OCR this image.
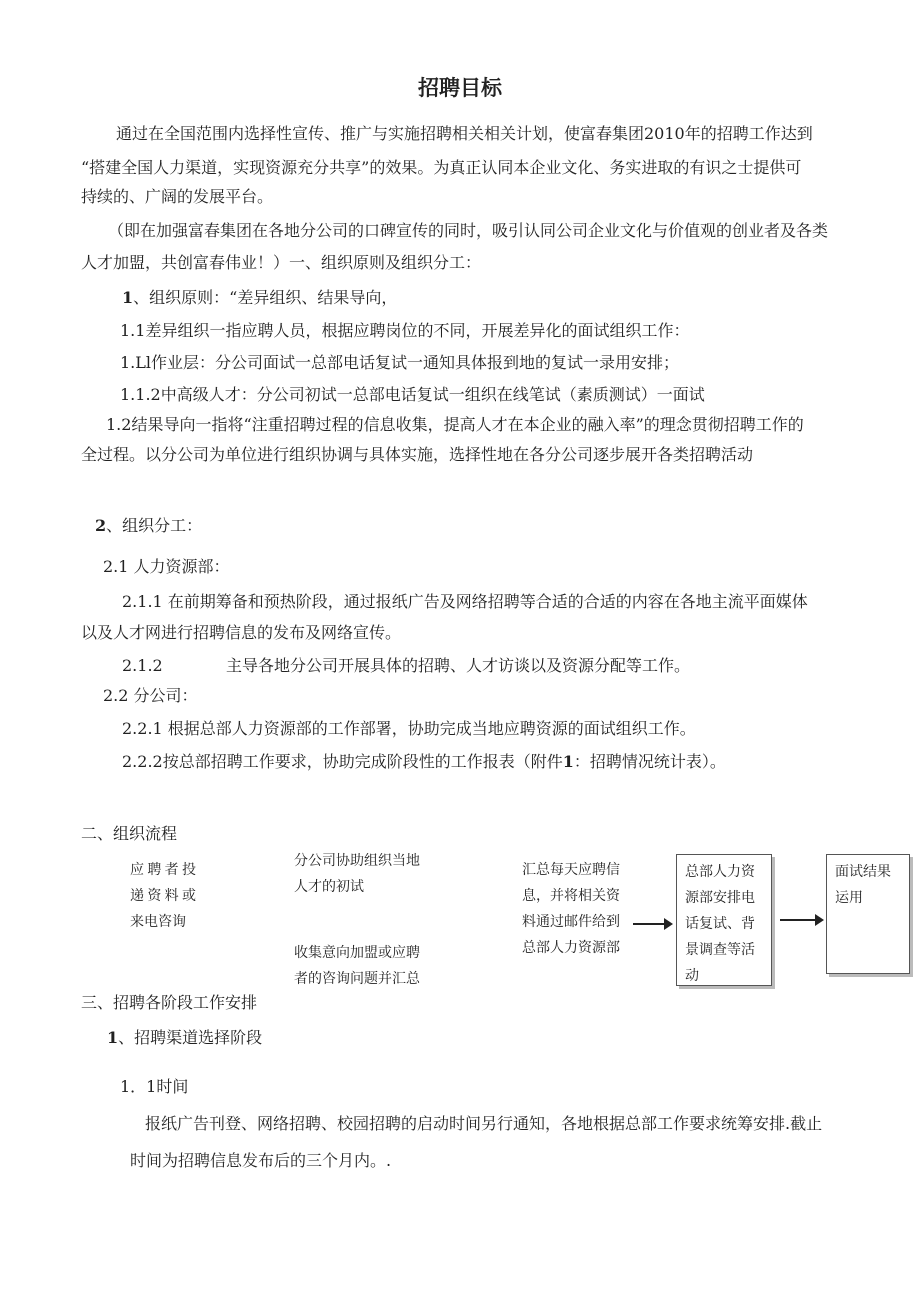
招聘目标

通过在全国范围内选择性宣传、推广与实施招聘相关相关计划，使富春集团2010年的招聘工作达到

“搭建全国人力渠道，实现资源充分共享”的效果。为真正认同本企业文化、务实进取的有识之士提供可

持续的、广阔的发展平台。

（即在加强富春集团在各地分公司的口碑宣传的同时，吸引认同公司企业文化与价值观的创业者及各类

人才加盟，共创富春伟业！）一、组织原则及组织分工：

1、组织原则：“差异组织、结果导向，

1.1差异组织一指应聘人员，根据应聘岗位的不同，开展差异化的面试组织工作：

1.Ll作业层：分公司面试一总部电话复试一通知具体报到地的复试一录用安排；

1.1.2中高级人才：分公司初试一总部电话复试一组织在线笔试（素质测试）一面试

1.2结果导向一指将“注重招聘过程的信息收集，提高人才在本企业的融入率”的理念贯彻招聘工作的

全过程。以分公司为单位进行组织协调与具体实施，选择性地在各分公司逐步展开各类招聘活动

2、组织分工：

2.1 人力资源部：

2.1.1 在前期筹备和预热阶段，通过报纸广告及网络招聘等合适的合适的内容在各地主流平面媒体

以及人才网进行招聘信息的发布及网络宣传。

2.1.2	主导各地分公司开展具体的招聘、人才访谈以及资源分配等工作。

2.2 分公司：

2.2.1 根据总部人力资源部的工作部署，协助完成当地应聘资源的面试组织工作。

2.2.2按总部招聘工作要求，协助完成阶段性的工作报表（附件1：招聘情况统计表）。

二、组织流程

应聘者投递资料或来电咨询

分公司协助组织当地人才的初试

收集意向加盟或应聘者的咨询问题并汇总

汇总每天应聘信息，并将相关资料通过邮件给到总部人力资源部

总部人力资源部安排电话复试、背景调查等活动
面试结果运用

三、招聘各阶段工作安排

1、招聘渠道选择阶段

1．1时间

报纸广告刊登、网络招聘、校园招聘的启动时间另行通知，各地根据总部工作要求统筹安排.截止

时间为招聘信息发布后的三个月内。.
